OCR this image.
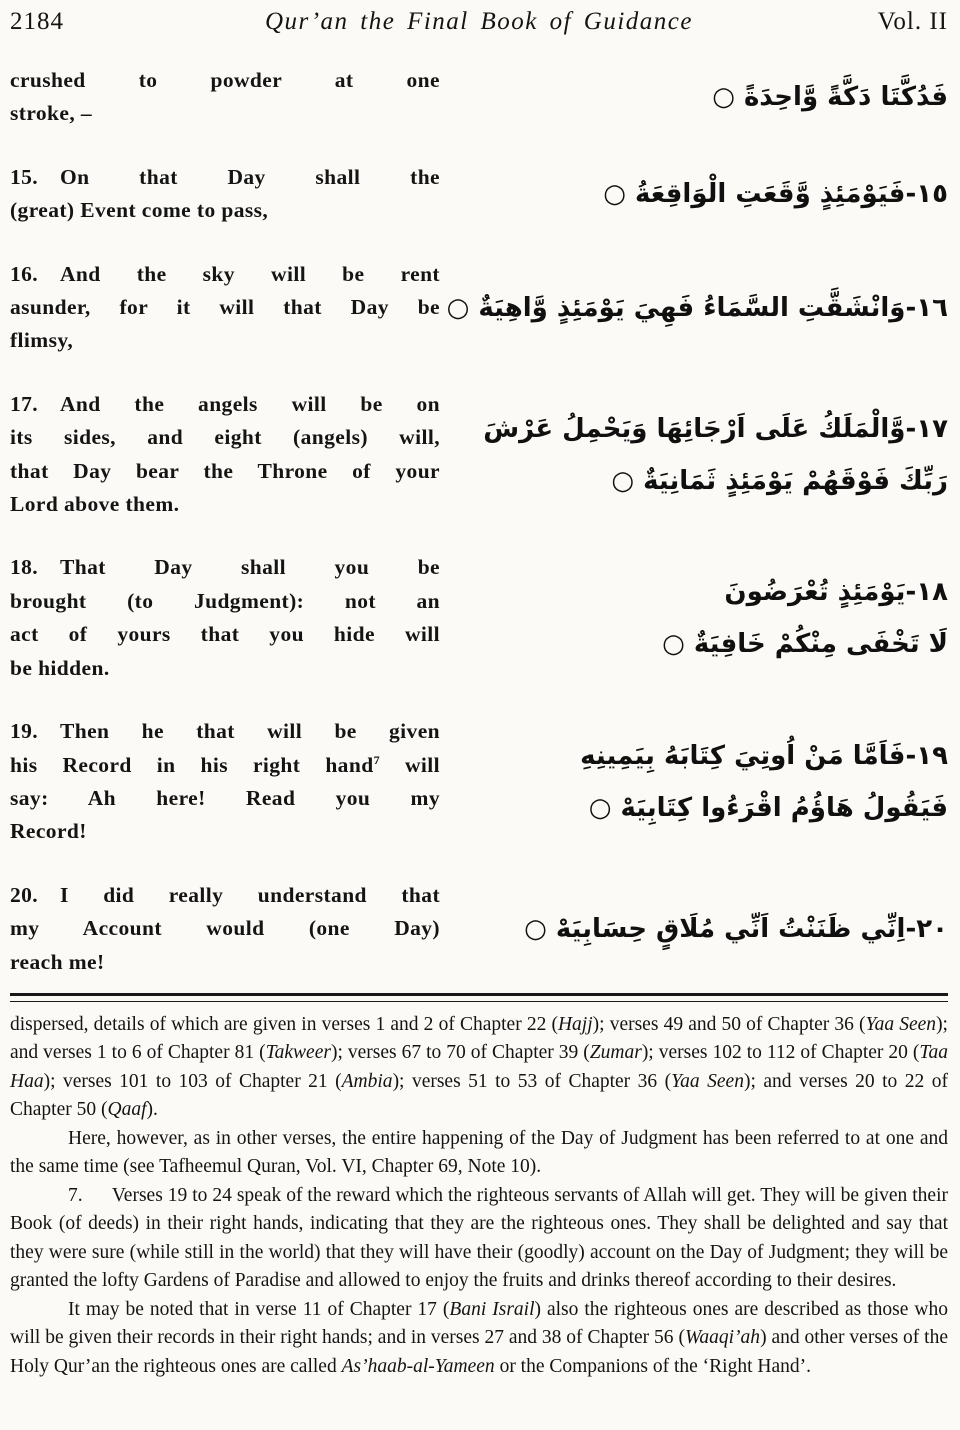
2184	Qur’an the Final Book of Guidance	Vol. II
crushed to powder at one
stroke, –
فَدُكَّتَا دَكَّةً وَّاحِدَةً ○
15. On that Day shall the
(great) Event come to pass,
١٥-فَيَوْمَئِذٍ وَّقَعَتِ الْوَاقِعَةُ ○
16. And the sky will be rent
asunder, for it will that Day be
flimsy,
١٦-وَانْشَقَّتِ السَّمَاءُ فَهِيَ يَوْمَئِذٍ وَّاهِيَةٌ ○
17. And the angels will be on
its sides, and eight (angels) will,
that Day bear the Throne of your
Lord above them.
١٧-وَّالْمَلَكُ عَلَى اَرْجَائِهَا وَيَحْمِلُ عَرْشَ
رَبِّكَ فَوْقَهُمْ يَوْمَئِذٍ ثَمَانِيَةٌ ○
18. That Day shall you be
brought (to Judgment): not an
act of yours that you hide will
be hidden.
١٨-يَوْمَئِذٍ تُعْرَضُونَ
لَا تَخْفَى مِنْكُمْ خَافِيَةٌ ○
19. Then he that will be given
his Record in his right hand$^7$ will
say: Ah here! Read you my
Record!
١٩-فَاَمَّا مَنْ اُوتِيَ كِتَابَهُ بِيَمِينِهِ
فَيَقُولُ هَاؤُمُ اقْرَءُوا كِتَابِيَهْ ○
20. I did really understand that
my Account would (one Day)
reach me!
٢٠-اِنِّي ظَنَنْتُ اَنِّي مُلَاقٍ حِسَابِيَهْ ○

dispersed, details of which are given in verses 1 and 2 of Chapter 22 (Hajj); verses 49 and 50 of Chapter 36 (Yaa Seen); and verses 1 to 6 of Chapter 81 (Takweer); verses 67 to 70 of Chapter 39 (Zumar); verses 102 to 112 of Chapter 20 (Taa Haa); verses 101 to 103 of Chapter 21 (Ambia); verses 51 to 53 of Chapter 36 (Yaa Seen); and verses 20 to 22 of Chapter 50 (Qaaf).

Here, however, as in other verses, the entire happening of the Day of Judgment has been referred to at one and the same time (see Tafheemul Quran, Vol. VI, Chapter 69, Note 10).

7.  Verses 19 to 24 speak of the reward which the righteous servants of Allah will get. They will be given their Book (of deeds) in their right hands, indicating that they are the righteous ones. They shall be delighted and say that they were sure (while still in the world) that they will have their (goodly) account on the Day of Judgment; they will be granted the lofty Gardens of Paradise and allowed to enjoy the fruits and drinks thereof according to their desires.

It may be noted that in verse 11 of Chapter 17 (Bani Israil) also the righteous ones are described as those who will be given their records in their right hands; and in verses 27 and 38 of Chapter 56 (Waaqi’ah) and other verses of the Holy Qur’an the righteous ones are called As’haab-al-Yameen or the Companions of the ‘Right Hand’.
